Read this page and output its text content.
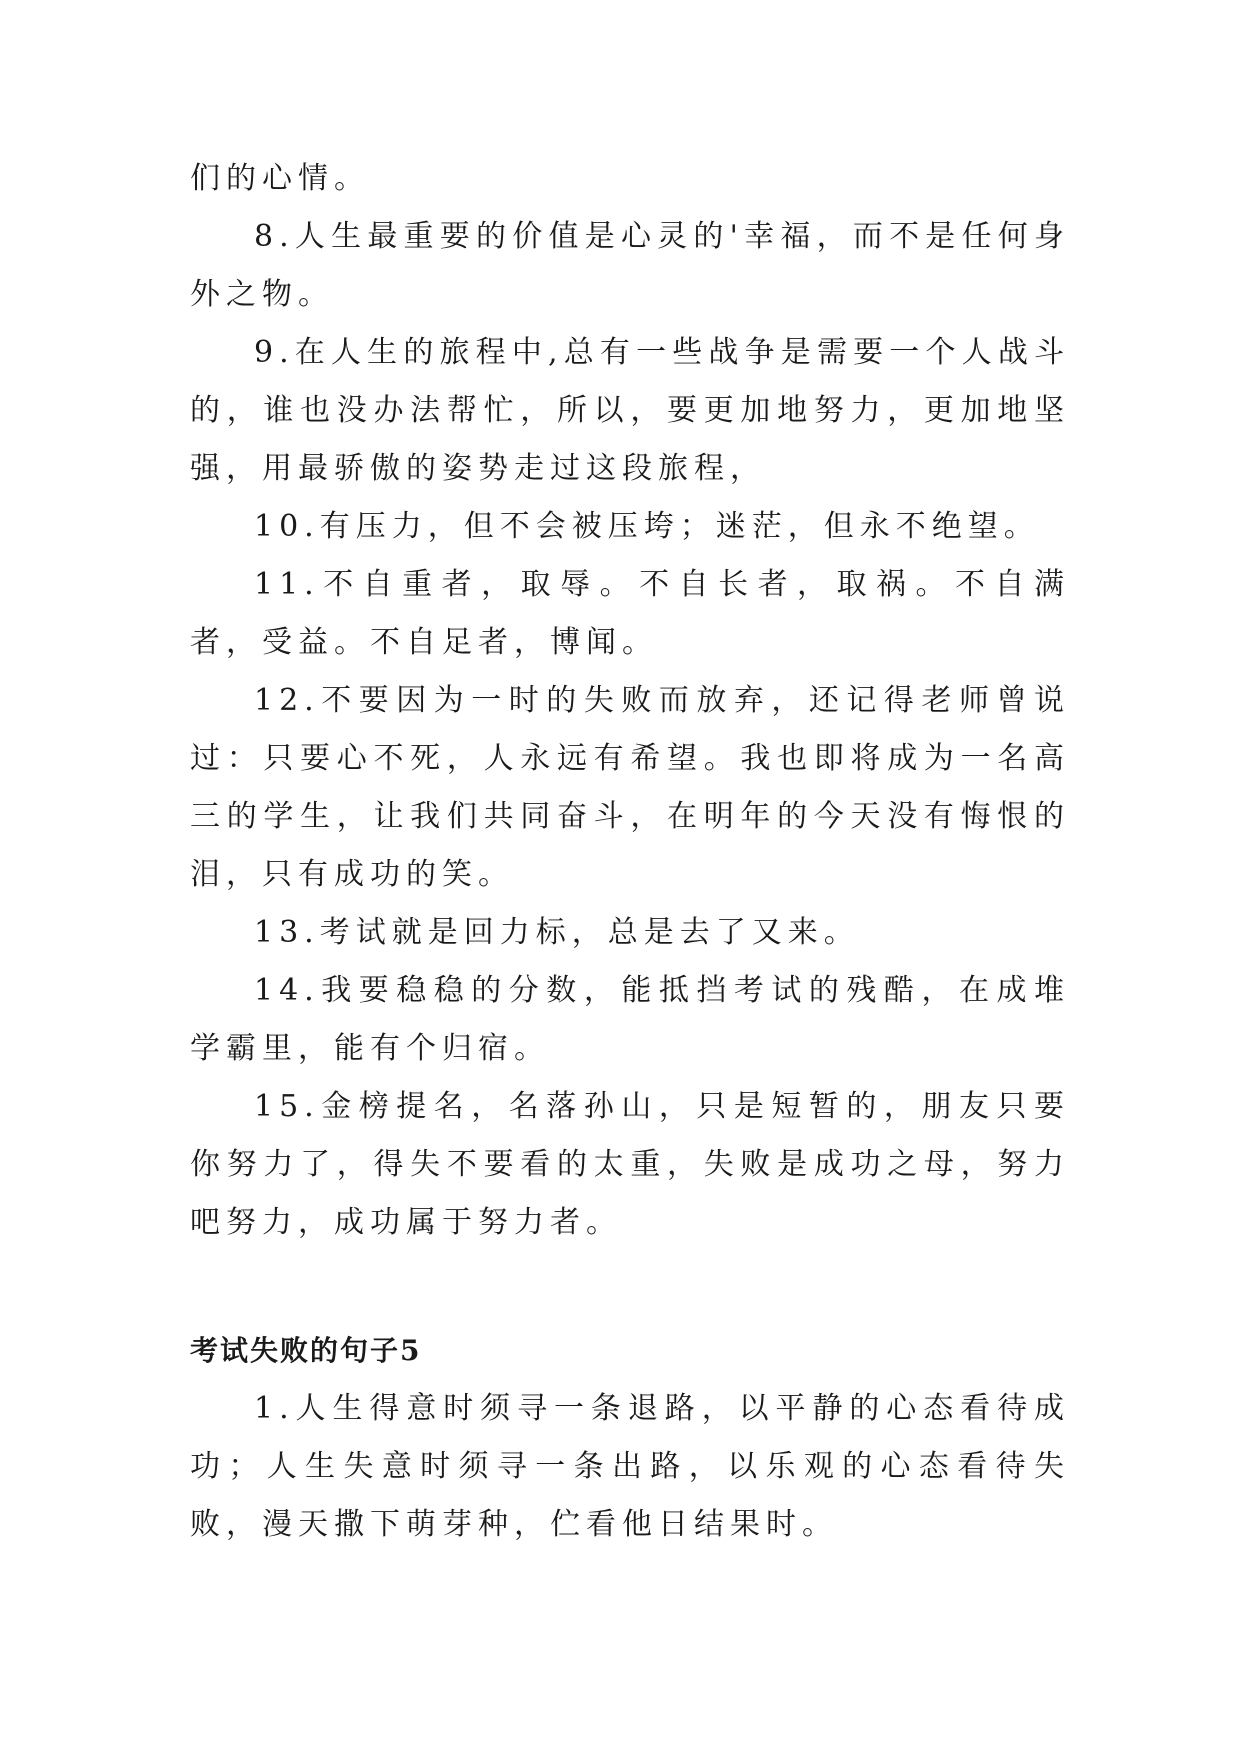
们的心情。

8.人生最重要的价值是心灵的'幸福，而不是任何身外之物。

9.在人生的旅程中,总有一些战争是需要一个人战斗的，谁也没办法帮忙，所以，要更加地努力，更加地坚强，用最骄傲的姿势走过这段旅程，

10.有压力，但不会被压垮；迷茫，但永不绝望。

11.不自重者，取辱。不自长者，取祸。不自满者，受益。不自足者，博闻。

12.不要因为一时的失败而放弃，还记得老师曾说过：只要心不死，人永远有希望。我也即将成为一名高三的学生，让我们共同奋斗，在明年的今天没有悔恨的泪，只有成功的笑。

13.考试就是回力标，总是去了又来。

14.我要稳稳的分数，能抵挡考试的残酷，在成堆学霸里，能有个归宿。

15.金榜提名，名落孙山，只是短暂的，朋友只要你努力了，得失不要看的太重，失败是成功之母，努力吧努力，成功属于努力者。

考试失败的句子5

1.人生得意时须寻一条退路，以平静的心态看待成功；人生失意时须寻一条出路，以乐观的心态看待失败，漫天撒下萌芽种，伫看他日结果时。
